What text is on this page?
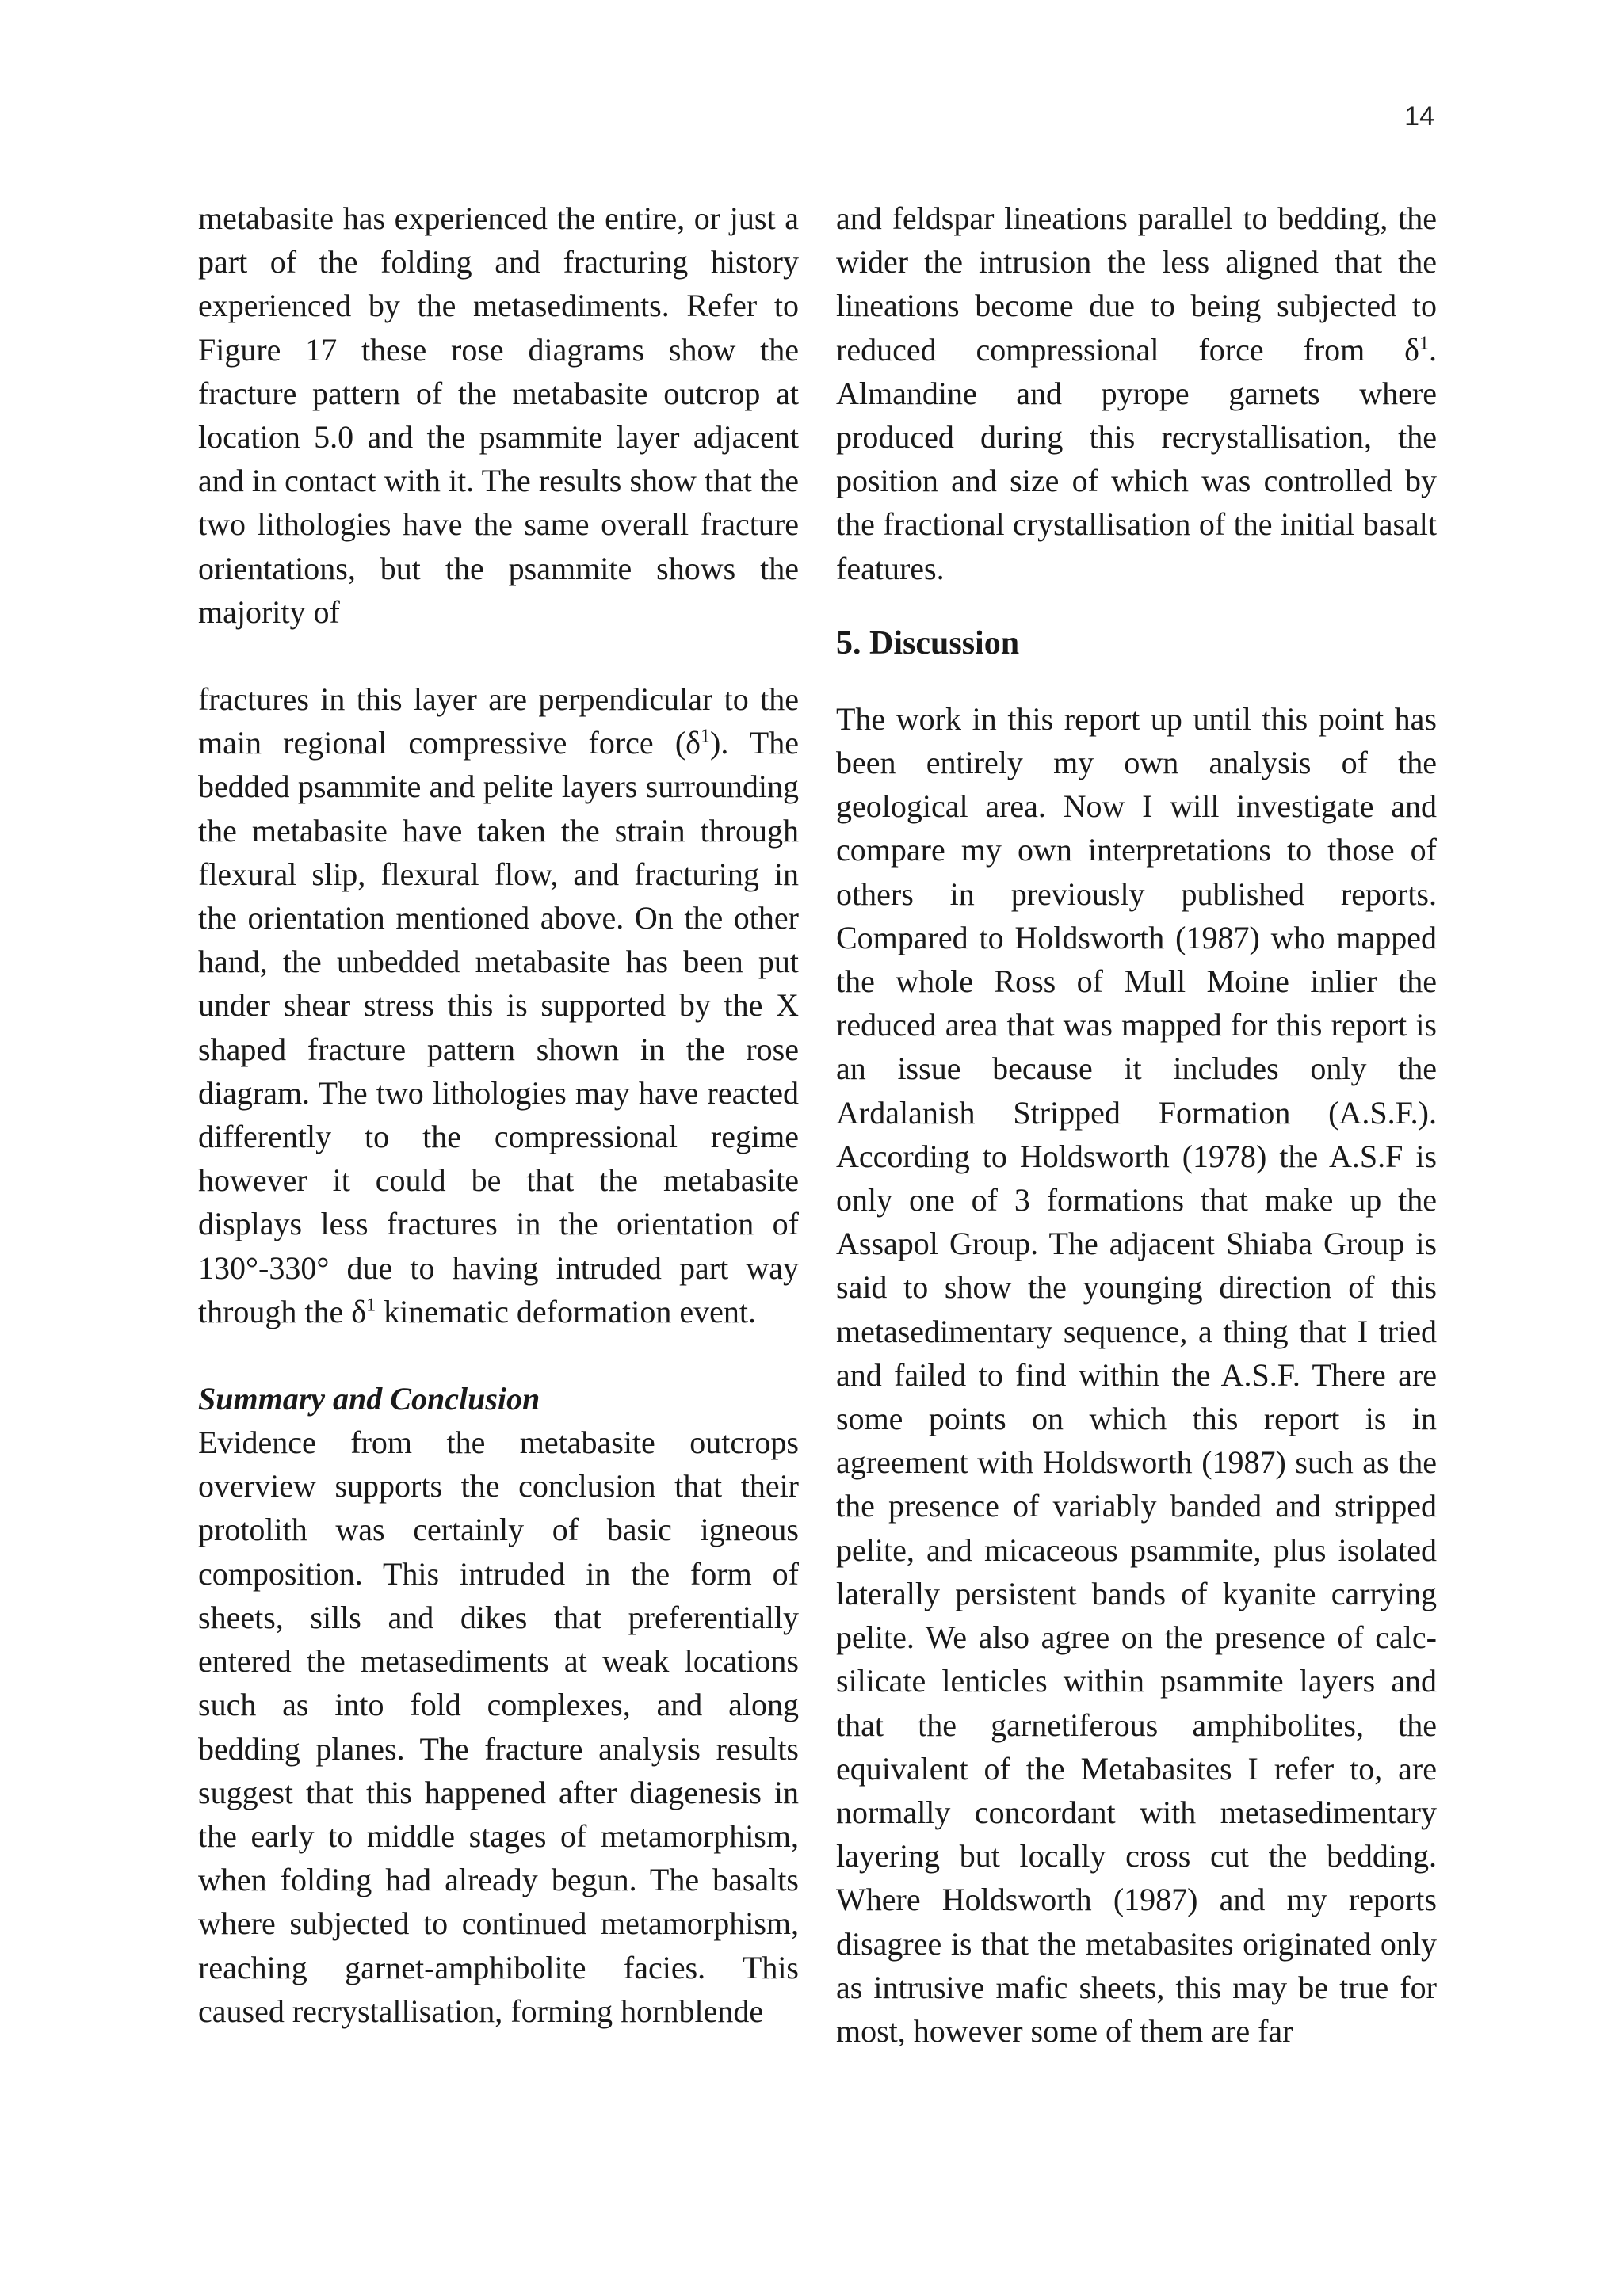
14

metabasite has experienced the entire, or just a part of the folding and fracturing history experienced by the metasediments. Refer to Figure 17 these rose diagrams show the fracture pattern of the metabasite outcrop at location 5.0 and the psammite layer adjacent and in contact with it. The results show that the two lithologies have the same overall fracture orientations, but the psammite shows the majority of

fractures in this layer are perpendicular to the main regional compressive force $(\delta^1)$. The bedded psammite and pelite layers surrounding the metabasite have taken the strain through flexural slip, flexural flow, and fracturing in the orientation mentioned above. On the other hand, the unbedded metabasite has been put under shear stress this is supported by the X shaped fracture pattern shown in the rose diagram. The two lithologies may have reacted differently to the compressional regime however it could be that the metabasite displays less fractures in the orientation of 130°-330° due to having intruded part way through the $\delta^1$ kinematic deformation event.

Summary and Conclusion

Evidence from the metabasite outcrops overview supports the conclusion that their protolith was certainly of basic igneous composition. This intruded in the form of sheets, sills and dikes that preferentially entered the metasediments at weak locations such as into fold complexes, and along bedding planes. The fracture analysis results suggest that this happened after diagenesis in the early to middle stages of metamorphism, when folding had already begun. The basalts where subjected to continued metamorphism, reaching garnet-amphibolite facies. This caused recrystallisation, forming hornblende

and feldspar lineations parallel to bedding, the wider the intrusion the less aligned that the lineations become due to being subjected to reduced compressional force from $\delta^1$. Almandine and pyrope garnets where produced during this recrystallisation, the position and size of which was controlled by the fractional crystallisation of the initial basalt features.

5. Discussion

The work in this report up until this point has been entirely my own analysis of the geological area. Now I will investigate and compare my own interpretations to those of others in previously published reports. Compared to Holdsworth (1987) who mapped the whole Ross of Mull Moine inlier the reduced area that was mapped for this report is an issue because it includes only the Ardalanish Stripped Formation (A.S.F.). According to Holdsworth (1978) the A.S.F is only one of 3 formations that make up the Assapol Group. The adjacent Shiaba Group is said to show the younging direction of this metasedimentary sequence, a thing that I tried and failed to find within the A.S.F. There are some points on which this report is in agreement with Holdsworth (1987) such as the the presence of variably banded and stripped pelite, and micaceous psammite, plus isolated laterally persistent bands of kyanite carrying pelite. We also agree on the presence of calc-silicate lenticles within psammite layers and that the garnetiferous amphibolites, the equivalent of the Metabasites I refer to, are normally concordant with metasedimentary layering but locally cross cut the bedding. Where Holdsworth (1987) and my reports disagree is that the metabasites originated only as intrusive mafic sheets, this may be true for most, however some of them are far
